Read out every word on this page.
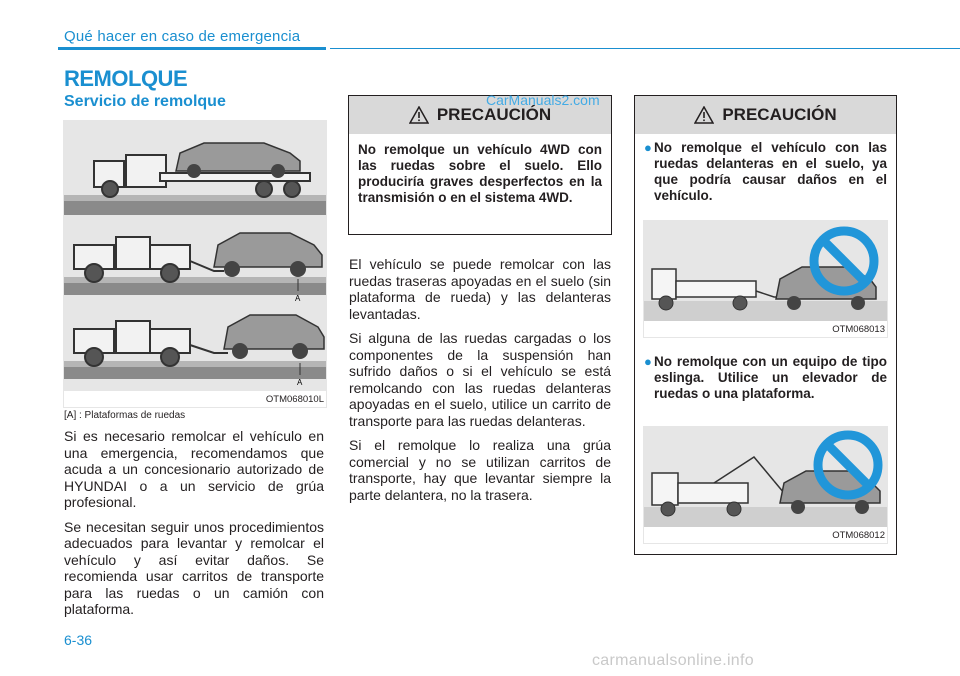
Qué hacer en caso de emergencia
REMOLQUE
Servicio de remolque
A
A
OTM068010L
[A] : Plataformas de ruedas

Si es necesario remolcar el vehículo en una emergencia, recomendamos que acuda a un concesionario autorizado de HYUNDAI o a un servicio de grúa profesional.

Se necesitan seguir unos procedimientos adecuados para levantar y remolcar el vehículo y así evitar daños. Se recomienda usar carritos de transporte para las ruedas o un camión con plataforma.

PRECAUCIÓN
No remolque un vehículo 4WD con las ruedas sobre el suelo. Ello produciría graves desperfectos en la transmisión o en el sistema 4WD.

El vehículo se puede remolcar con las ruedas traseras apoyadas en el suelo (sin plataforma de rueda) y las delanteras levantadas.

Si alguna de las ruedas cargadas o los componentes de la suspensión han sufrido daños o si el vehículo se está remolcando con las ruedas delanteras apoyadas en el suelo, utilice un carrito de transporte para las ruedas delanteras.

Si el remolque lo realiza una grúa comercial y no se utilizan carritos de transporte, hay que levantar siempre la parte delantera, no la trasera.

PRECAUCIÓN
● No remolque el vehículo con las ruedas delanteras en el suelo, ya que podría causar daños en el vehículo.
OTM068013
● No remolque con un equipo de tipo eslinga. Utilice un elevador de ruedas o una plataforma.
OTM068012
CarManuals2.com
6-36
carmanualsonline.info
